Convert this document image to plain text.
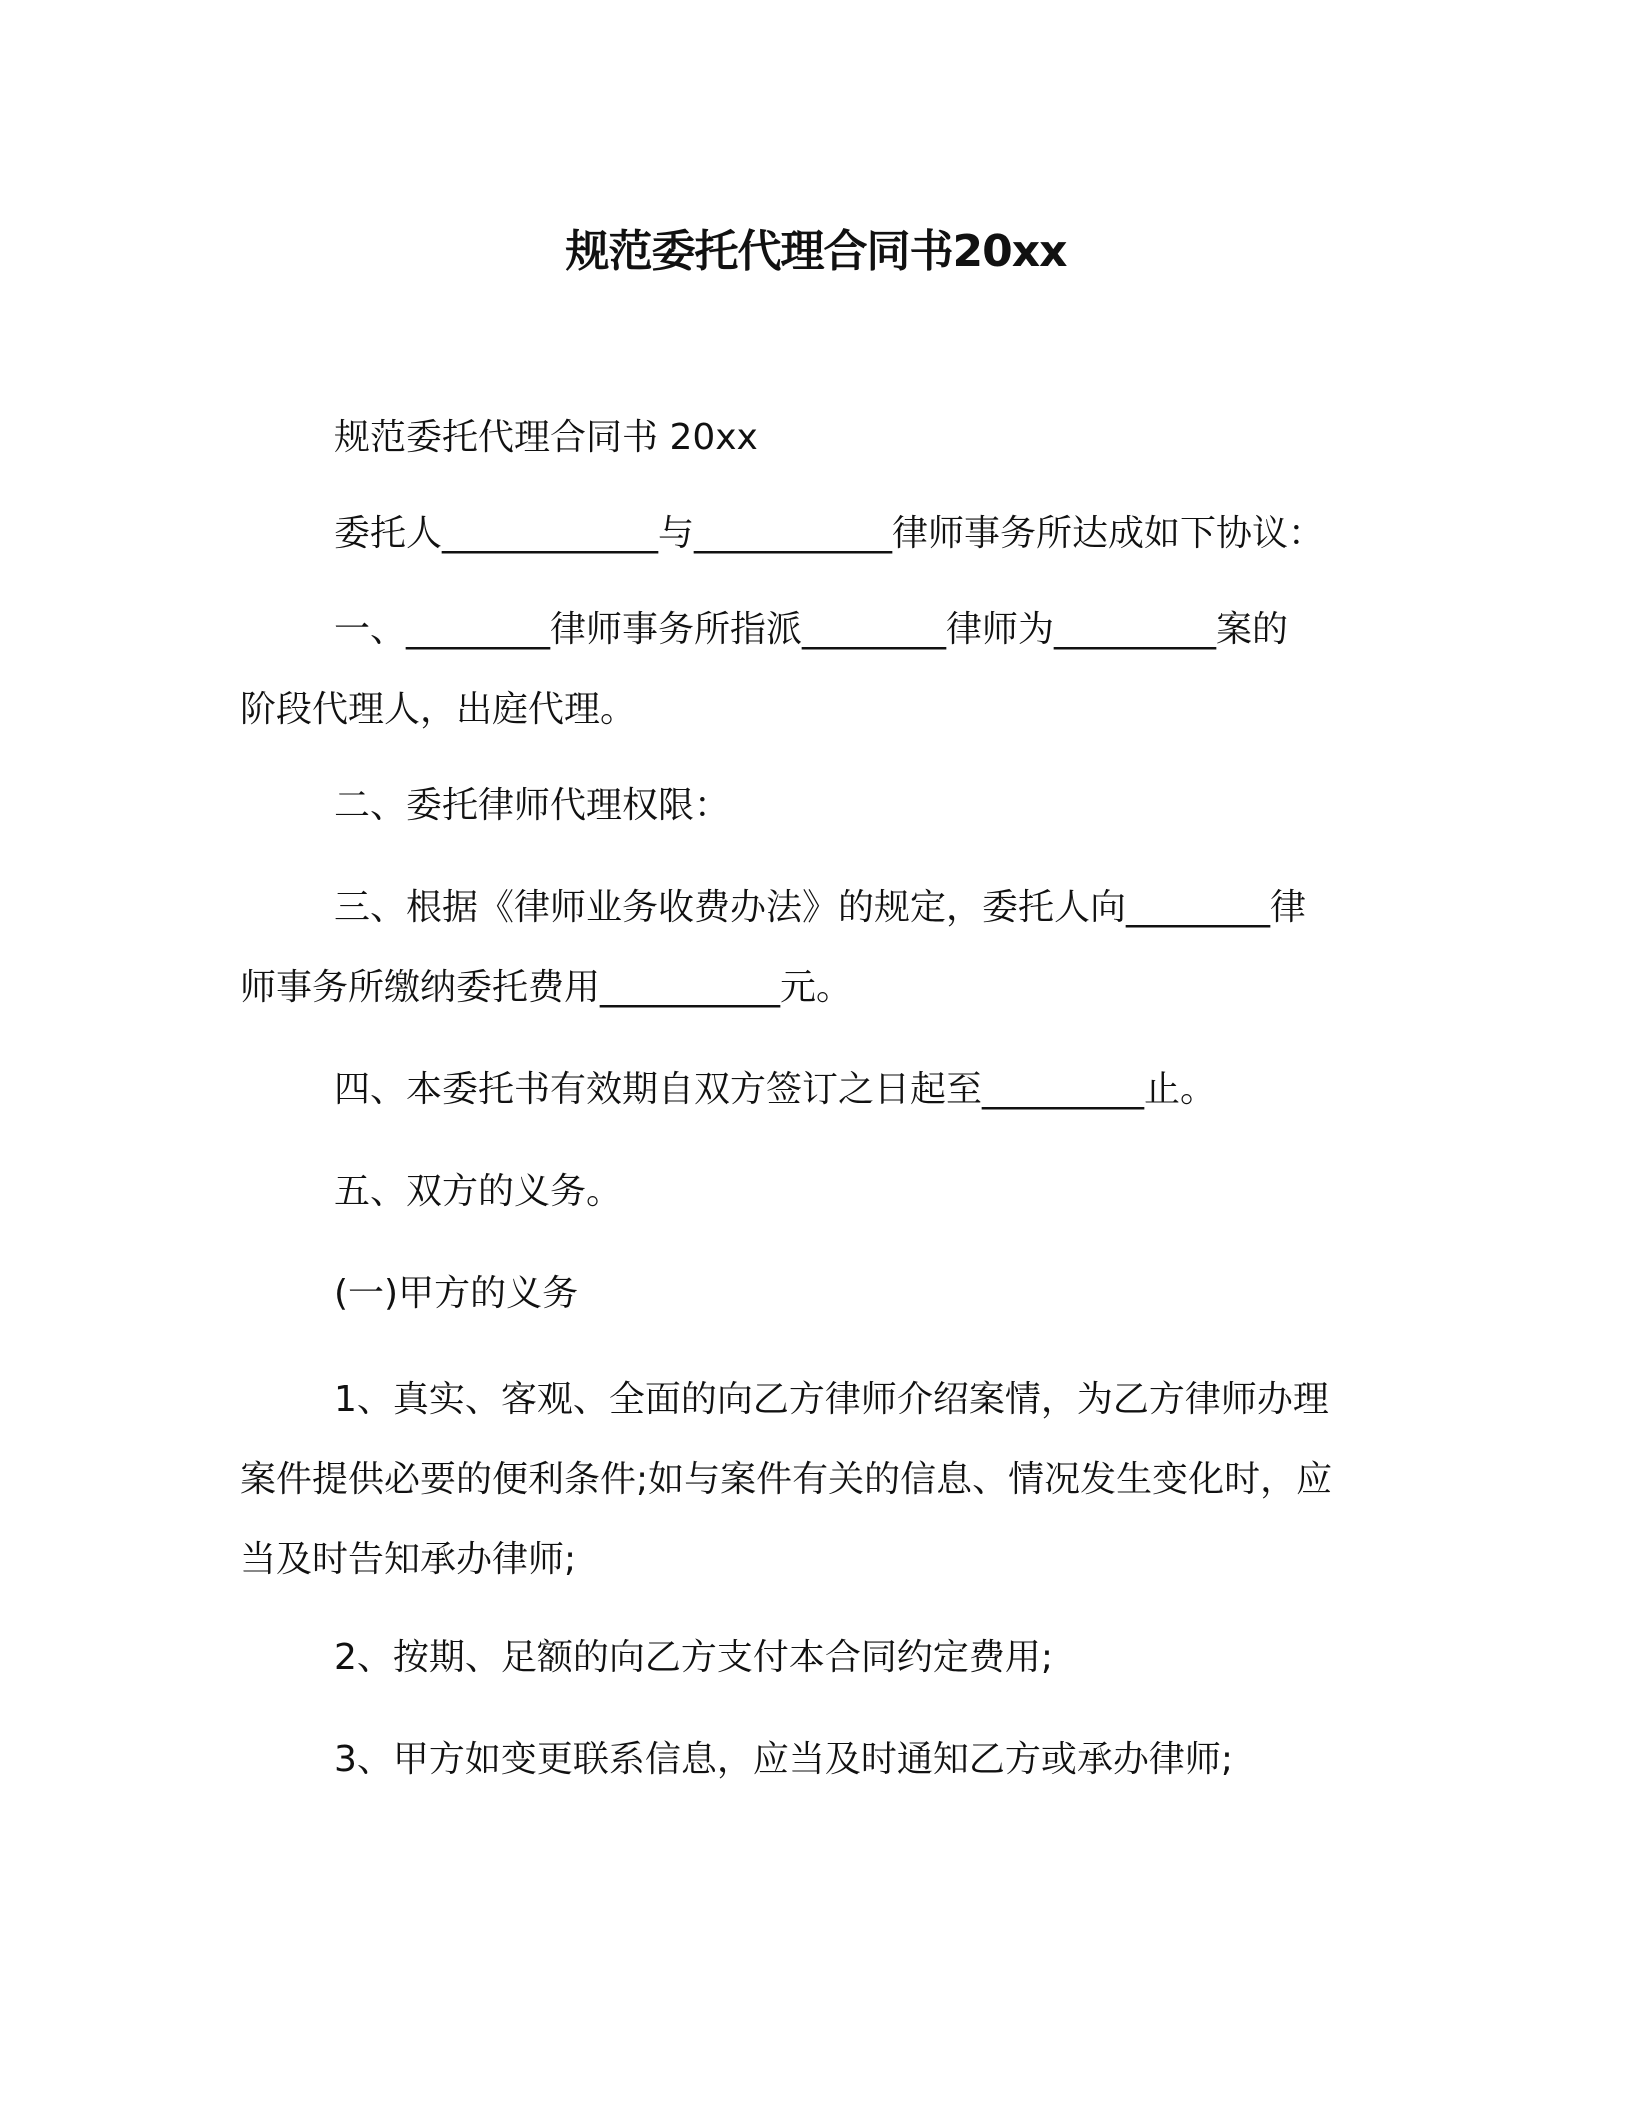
规范委托代理合同书20xx

规范委托代理合同书 20xx

委托人____________与___________律师事务所达成如下协议：

一、________律师事务所指派________律师为_________案的
阶段代理人，出庭代理。

二、委托律师代理权限：

三、根据《律师业务收费办法》的规定，委托人向________律
师事务所缴纳委托费用__________元。

四、本委托书有效期自双方签订之日起至_________止。

五、双方的义务。

(一)甲方的义务

1、真实、客观、全面的向乙方律师介绍案情，为乙方律师办理
案件提供必要的便利条件;如与案件有关的信息、情况发生变化时，应
当及时告知承办律师;

2、按期、足额的向乙方支付本合同约定费用;

3、甲方如变更联系信息，应当及时通知乙方或承办律师;
